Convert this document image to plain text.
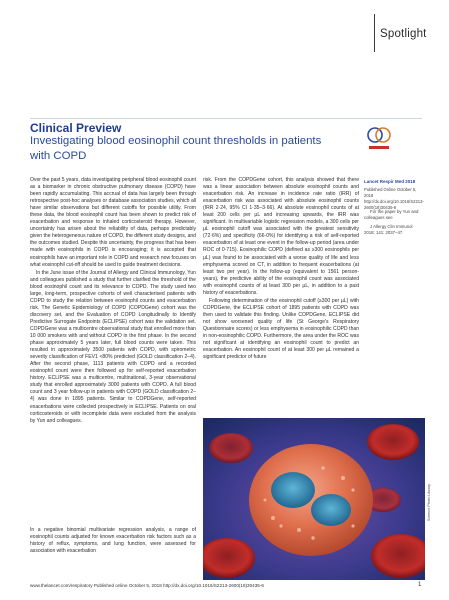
Spotlight
Clinical Preview
Investigating blood eosinophil count thresholds in patients with COPD

Over the past 5 years, data investigating peripheral blood eosinophil count as a biomarker in chronic obstructive pulmonary disease (COPD) have been rapidly accumulating. This accrual of data has largely been through retrospective post-hoc analyses or database association studies, which all have similar observations but different cutoffs for possible utility. From these data, the blood eosinophil count has been shown to predict risk of exacerbation and response to inhaled corticosteroid therapy. However, uncertainty has arisen about the reliability of data, perhaps predictably given the heterogeneous nature of COPD, the different study designs, and the outcomes studied. Despite this uncertainty, the progress that has been made with eosinophils in COPD is encouraging; it is accepted that eosinophils have an important role in COPD and research now focuses on what eosinophil cut-off should be used to guide treatment decisions.

In the June issue of the Journal of Allergy and Clinical Immunology, Yun and colleagues published a study that further clarified the threshold of the blood eosinophil count and its relevance to COPD. The study used two large, long-term, prospective cohorts of well characterised patients with COPD to study the relation between eosinophil counts and exacerbation risk. The Genetic Epidemiology of COPD (COPDGene) cohort was the discovery set, and the Evaluation of COPD Longitudinally to Identify Predictive Surrogate Endpoints (ECLIPSE) cohort was the validation set. COPDGene was a multicentre observational study that enrolled more than 10 000 smokers with and without COPD in the first phase. In the second phase approximately 5 years later, full blood counts were taken. This resulted in approximately 3500 patients with COPD, with spirometric severity classification of FEV1 <80% predicted (GOLD classification 2–4). After the second phase, 1113 patients with COPD and a recorded eosinophil count were then followed up for self-reported exacerbation history. ECLIPSE was a multicentre, multinational, 3-year observational study that enrolled approximately 3000 patients with COPD. A full blood count and 3 year follow-up in patients with COPD (GOLD classification 2–4) was done in 1895 patients. Similar to COPDGene, self-reported exacerbations were collected prospectively in ECLIPSE. Patients on oral corticosteroids or with incomplete data were excluded from the analysis by Yun and colleagues.

In a negative binomial multivariate regression analysis, a range of eosinophil counts adjusted for known exacerbation risk factors such as a history of reflux, symptoms, and lung function, were assessed for association with exacerbation

risk. From the COPDGene cohort, this analysis showed that there was a linear association between absolute eosinophil counts and exacerbation risk. An increase in incidence rate ratio (IRR) of exacerbation risk was associated with absolute eosinophil counts (IRR 2·24, 95% CI 1·35–3·66). At absolute eosinophil counts of at least 200 cells per µL and increasing upwards, the IRR was significant. In multivariable logistic regression models, a 300 cells per µL eosinophil cutoff was associated with the greatest sensitivity (72·6%) and specificity (66·0%) for identifying a risk of self-reported exacerbation of at least one event in the follow-up period (area under ROC of 0·715). Eosinophilic COPD (defined as ≥300 eosinophils per µL) was found to be associated with a worse quality of life and less emphysema scored on CT, in addition to frequent exacerbations (at least two per year). In the follow-up (equivalent to 1561 person-years), the predictive ability of the eosinophil count was associated with eosinophil counts of at least 300 per µL, in addition to a past history of exacerbations.

Following determination of the eosinophil cutoff (≥300 per µL) with COPDGene, the ECLIPSE cohort of 1895 patients with COPD was then used to validate this finding. Unlike COPDGene, ECLIPSE did not show worsened quality of life (St George's Respiratory Questionnaire scores) or less emphysema in eosinophilic COPD than in non-eosinophilic COPD. Furthermore, the area under the ROC was not significant at identifying an eosinophil count to predict an exacerbation. An eosinophil count of at least 300 per µL remained a significant predictor of future

Lancet Respir Med 2018
Published Online October 5, 2018 http://dx.doi.org/10.1016/S2213-2600(18)30435-6

For the paper by Yun and colleagues see

J Allergy Clin Immunol 2018; 141: 2037–47

Science Photo Library
www.thelancet.com/respiratory Published online October 5, 2018 http://dx.doi.org/10.1016/S2213-2600(18)30435-6	1
